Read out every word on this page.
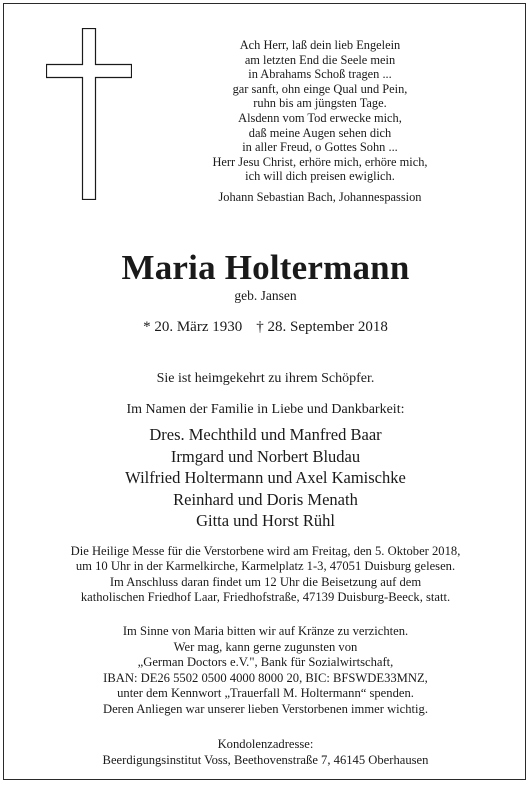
Ach Herr, laß dein lieb Engelein
am letzten End die Seele mein
in Abrahams Schoß tragen ...
gar sanft, ohn einge Qual und Pein,
ruhn bis am jüngsten Tage.
Alsdenn vom Tod erwecke mich,
daß meine Augen sehen dich
in aller Freud, o Gottes Sohn ...
Herr Jesu Christ, erhöre mich, erhöre mich,
ich will dich preisen ewiglich.
Johann Sebastian Bach, Johannespassion
Maria Holtermann
geb. Jansen
* 20. März 1930 † 28. September 2018
Sie ist heimgekehrt zu ihrem Schöpfer.
Im Namen der Familie in Liebe und Dankbarkeit:
Dres. Mechthild und Manfred Baar
Irmgard und Norbert Bludau
Wilfried Holtermann und Axel Kamischke
Reinhard und Doris Menath
Gitta und Horst Rühl
Die Heilige Messe für die Verstorbene wird am Freitag, den 5. Oktober 2018,
um 10 Uhr in der Karmelkirche, Karmelplatz 1-3, 47051 Duisburg gelesen.
Im Anschluss daran findet um 12 Uhr die Beisetzung auf dem
katholischen Friedhof Laar, Friedhofstraße, 47139 Duisburg-Beeck, statt.
Im Sinne von Maria bitten wir auf Kränze zu verzichten.
Wer mag, kann gerne zugunsten von
„German Doctors e.V.", Bank für Sozialwirtschaft,
IBAN: DE26 5502 0500 4000 8000 20, BIC: BFSWDE33MNZ,
unter dem Kennwort „Trauerfall M. Holtermann“ spenden.
Deren Anliegen war unserer lieben Verstorbenen immer wichtig.
Kondolenzadresse:
Beerdigungsinstitut Voss, Beethovenstraße 7, 46145 Oberhausen
